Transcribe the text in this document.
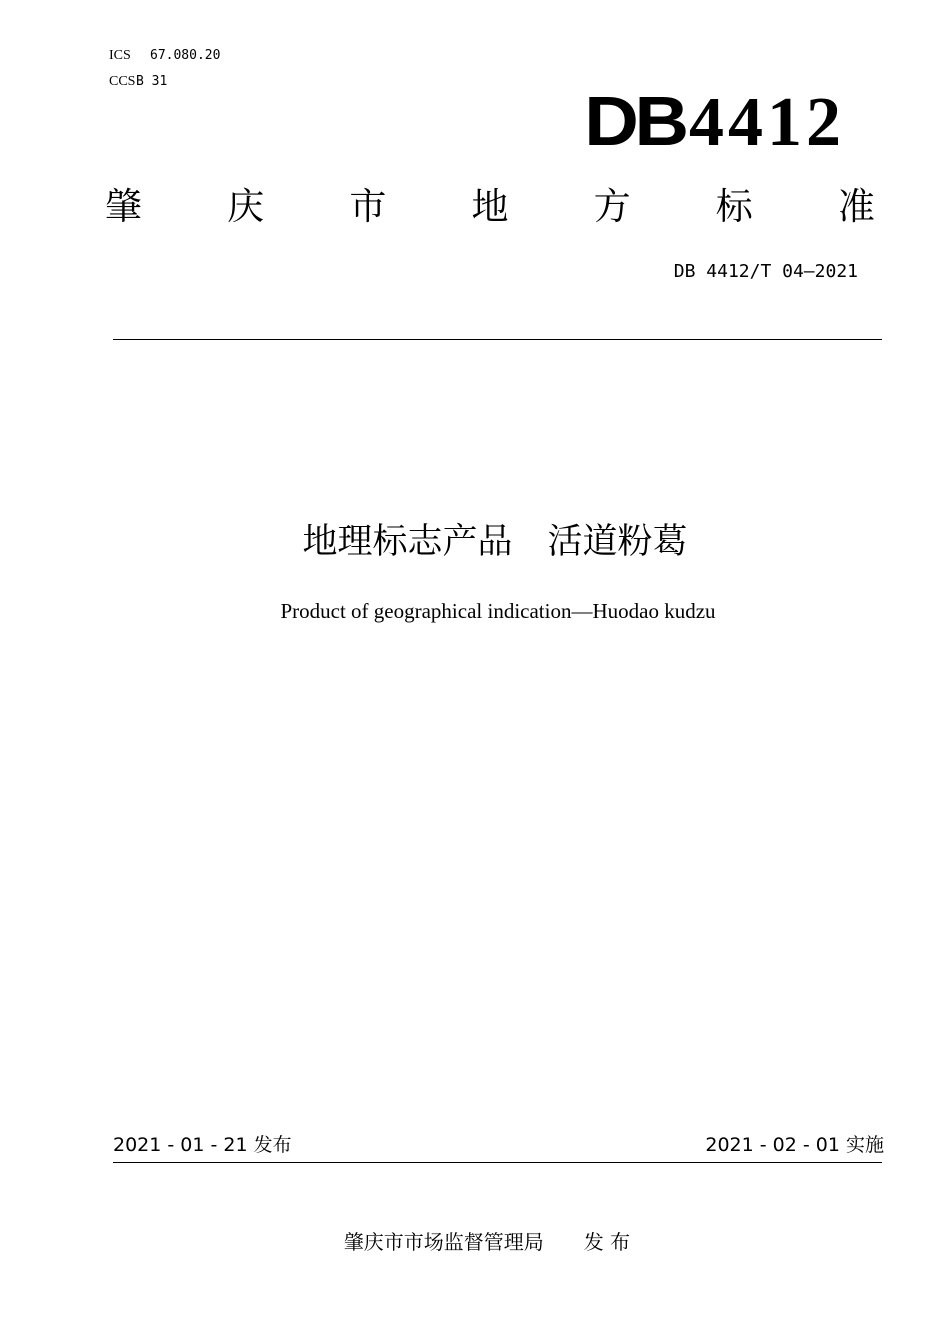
ICS 67.080.20
CCSB 31
DB4412
肇 庆 市 地 方 标 准
DB 4412/T 04—2021
地理标志产品　活道粉葛
Product of geographical indication—Huodao kudzu
2021 - 01 - 21 发布	2021 - 02 - 01 实施
肇庆市市场监督管理局　　发 布
